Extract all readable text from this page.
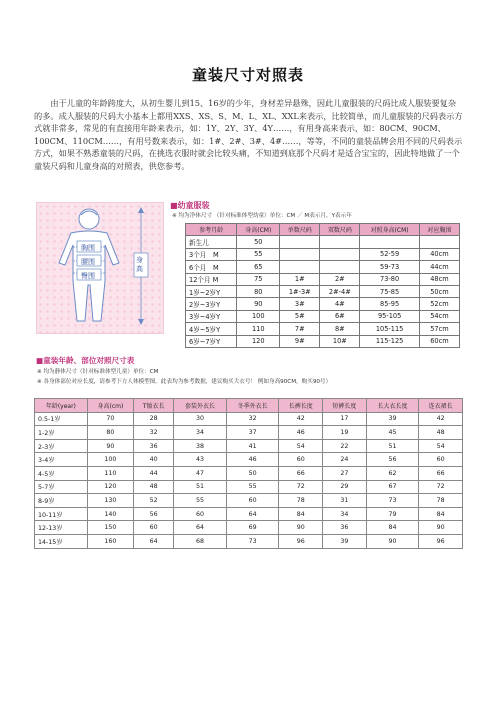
童装尺寸对照表

由于儿童的年龄跨度大，从初生婴儿到15、16岁的少年，身材差异悬殊，因此儿童服装的尺码比成人服装要复杂的多。成人服装的尺码大小基本上都用XXS、XS、S、M、L、XL、XXL来表示，比较简单，而儿童服装的尺码表示方式就非常多，常见的有直接用年龄来表示，如：1Y、2Y、3Y、4Y……，有用身高来表示，如：80CM、90CM、100CM、110CM……，有用号数来表示，如：1#、2#、3#、4#……，等等，不同的童装品牌会用不同的尺码表示方式，如果不熟悉童装的尺码，在挑选衣服时就会比较头痛，不知道到底那个尺码才是适合宝宝的，因此特地做了一个童装尺码和儿童身高的对照表，供您参考。

胸围
腰围
臀围
身高
■幼童服装
※ 均为净体尺寸 （针对标准体型幼童）单位：CM ／ M表示月，Y表示年
参考月龄	身高(CM)	单数尺码	双数尺码	对照身高(CM)	对应胸围
新生儿	50				
3个月　M	55			52-59	40cm
6个月　M	65			59-73	44cm
12个月 M	75	1#	2#	73-80	48cm
1岁~2岁Y	80	1#-3#	2#-4#	75-85	50cm
2岁~3岁Y	90	3#	4#	85-95	52cm
3岁~4岁Y	100	5#	6#	95-105	54cm
4岁~5岁Y	110	7#	8#	105-115	57cm
6岁~7岁Y	120	9#	10#	115-125	60cm
■童装年龄、部位对照尺寸表
※ 均为静体尺寸（针对标准体型儿童）单位：CM
※ 各身体部位对应长度，请参考下方人体模型图。此表均为参考数据，建议购买大衣号！ 例如身高90CM，购买90号）
年龄(year)	身高(cm)	T恤衣长	套装外衣长	冬季外衣长	长裤长度	短裤长度	长大衣长度	连衣裙长
0.5-1岁	70	28	30	32	42	17	39	42
1-2岁	80	32	34	37	46	19	45	48
2-3岁	90	36	38	41	54	22	51	54
3-4岁	100	40	43	46	60	24	56	60
4-5岁	110	44	47	50	66	27	62	66
5-7岁	120	48	51	55	72	29	67	72
8-9岁	130	52	55	60	78	31	73	78
10-11岁	140	56	60	64	84	34	79	84
12-13岁	150	60	64	69	90	36	84	90
14-15岁	160	64	68	73	96	39	90	96
